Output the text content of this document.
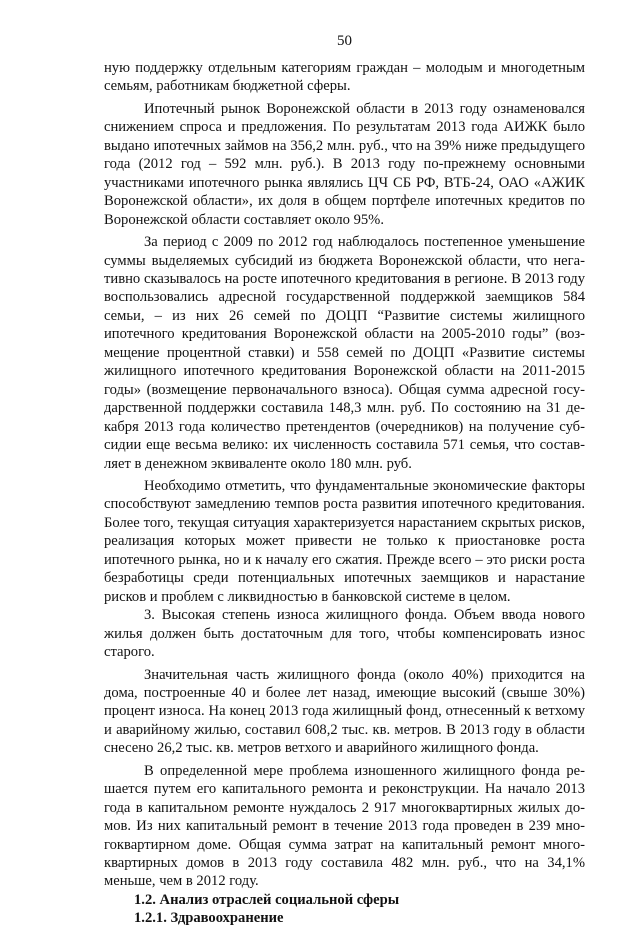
50

ную поддержку отдельным категориям граждан – молодым и многодетным семьям, работникам бюджетной сферы.

Ипотечный рынок Воронежской области в 2013 году ознаменовался снижением спроса и предложения. По результатам 2013 года АИЖК было выдано ипотечных займов на 356,2 млн. руб., что на 39% ниже предыдущего года (2012 год – 592 млн. руб.). В 2013 году по-прежнему основными участниками ипотечного рынка являлись ЦЧ СБ РФ, ВТБ-24, ОАО «АЖИК Воронежской области», их доля в общем портфеле ипотечных кредитов по Воронежской области составляет около 95%.

За период с 2009 по 2012 год наблюдалось постепенное уменьшение суммы выделяемых субсидий из бюджета Воронежской области, что негативно сказывалось на росте ипотечного кредитования в регионе. В 2013 году воспользовались адресной государственной поддержкой заемщиков 584 семьи, – из них 26 семей по ДОЦП “Развитие системы жилищного ипотечного кредитования Воронежской области на 2005-2010 годы” (возмещение процентной ставки) и 558 семей по ДОЦП «Развитие системы жилищного ипотечного кредитования Воронежской области на 2011-2015 годы» (возмещение первоначального взноса). Общая сумма адресной государственной поддержки составила 148,3 млн. руб. По состоянию на 31 декабря 2013 года количество претендентов (очередников) на получение субсидии еще весьма велико: их численность составила 571 семья, что составляет в денежном эквиваленте около 180 млн. руб.

Необходимо отметить, что фундаментальные экономические факторы способствуют замедлению темпов роста развития ипотечного кредитования. Более того, текущая ситуация характеризуется нарастанием скрытых рисков, реализация которых может привести не только к приостановке роста ипотечного рынка, но и к началу его сжатия. Прежде всего – это риски роста безработицы среди потенциальных ипотечных заемщиков и нарастание рисков и проблем с ликвидностью в банковской системе в целом.

3. Высокая степень износа жилищного фонда. Объем ввода нового жилья должен быть достаточным для того, чтобы компенсировать износ старого.

Значительная часть жилищного фонда (около 40%) приходится на дома, построенные 40 и более лет назад, имеющие высокий (свыше 30%) процент износа. На конец 2013 года жилищный фонд, отнесенный к ветхому и аварийному жилью, составил 608,2 тыс. кв. метров. В 2013 году в области снесено 26,2 тыс. кв. метров ветхого и аварийного жилищного фонда.

В определенной мере проблема изношенного жилищного фонда решается путем его капитального ремонта и реконструкции. На начало 2013 года в капитальном ремонте нуждалось 2 917 многоквартирных жилых домов. Из них капитальный ремонт в течение 2013 года проведен в 239 многоквартирном доме. Общая сумма затрат на капитальный ремонт многоквартирных домов в 2013 году составила 482 млн. руб., что на 34,1% меньше, чем в 2012 году.

1.2. Анализ отраслей социальной сферы

1.2.1. Здравоохранение
